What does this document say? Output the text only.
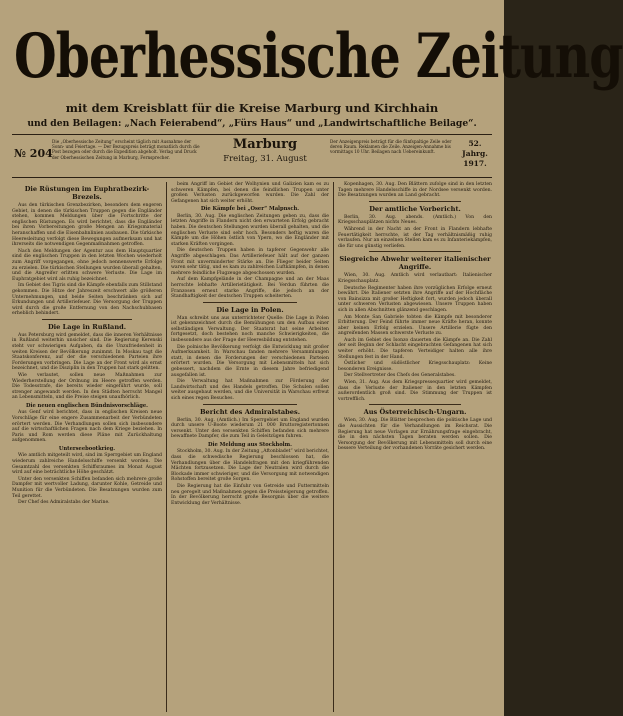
Oberhessische Zeitung
mit dem Kreisblatt für die Kreise Marburg und Kirchhain
und den Beilagen: „Nach Feierabend“, „Fürs Haus“ und „Landwirtschaftliche Beilage“.
№ 204
Die „Oberhessische Zeitung“ erscheint täglich mit Ausnahme der Sonn- und Feiertage. — Der Bezugspreis beträgt monatlich durch die Post bezogen oder durch die Expedition abgeholt. Verlag und Druck der Oberhessischen Zeitung in Marburg, Fernsprecher.
Marburg
Freitag, 31. August
Der Anzeigenpreis beträgt für die fünfspaltige Zeile oder deren Raum. Reklamen die Zeile. Anzeigen-Annahme bis vormittags 10 Uhr. Beilagen nach Uebereinkunft.
52. Jahrg.
1917.
Die Rüstungen im Euphratbezirk-Brezels.

Aus den türkischen Grenzbezirken, besonders dem engeren Gebiet, in denen die türkischen Truppen gegen die Engländer stehen, kommen Meldungen über die Fortschritte der englischen Rüstungen. Es wird berichtet, dass die Engländer bei ihren Vorbereitungen große Mengen an Kriegsmaterial heranschaffen und die Eisenbahnlinien ausbauen. Die türkische Heeresleitung verfolgt diese Bewegungen aufmerksam und hat ihrerseits die notwendigen Gegenmaßnahmen getroffen.

Nach den Meldungen der Agentur aus dem Hauptquartier sind die englischen Truppen in den letzten Wochen wiederholt zum Angriff vorgegangen, ohne jedoch nennenswerte Erfolge zu erzielen. Die türkischen Stellungen wurden überall gehalten, und die Angreifer erlitten schwere Verluste. Die Lage im Euphratgebiet wird als ruhig bezeichnet.

Im Gebiet des Tigris sind die Kämpfe ebenfalls zum Stillstand gekommen. Die Hitze der Jahreszeit erschwert alle größeren Unternehmungen, und beide Seiten beschränken sich auf Erkundungen und Artilleriefeuer. Die Versorgung der Truppen wird durch die große Entfernung von den Nachschubbasen erheblich behindert.

Die Lage in Rußland.

Aus Petersburg wird gemeldet, dass die inneren Verhältnisse in Rußland weiterhin unsicher sind. Die Regierung Kerenski steht vor schwierigen Aufgaben, da die Unzufriedenheit in weiten Kreisen der Bevölkerung zunimmt. In Moskau tagt die Staatskonferenz, auf der die verschiedenen Parteien ihre Forderungen vorbringen. Die Lage an der Front wird als ernst bezeichnet, und die Disziplin in den Truppen hat stark gelitten.

Wie verlautet, sollen neue Maßnahmen zur Wiederherstellung der Ordnung im Heere getroffen werden. Die Todesstrafe, die bereits wieder eingeführt wurde, soll strenger angewandt werden. In den Städten herrscht Mangel an Lebensmitteln, und die Preise steigen unaufhörlich.

Die neuen englischen Bündnisvorschläge.

Aus Genf wird berichtet, dass in englischen Kreisen neue Vorschläge für eine engere Zusammenarbeit der Verbündeten erörtert werden. Die Verhandlungen sollen sich insbesondere auf die wirtschaftlichen Fragen nach dem Kriege beziehen. In Paris und Rom werden diese Pläne mit Zurückhaltung aufgenommen.

Unterseebootkrieg.

Wie amtlich mitgeteilt wird, sind im Sperrgebiet um England wiederum zahlreiche Handelsschiffe versenkt worden. Die Gesamtzahl des versenkten Schiffsraumes im Monat August wird auf eine beträchtliche Höhe geschätzt.

Unter den versenkten Schiffen befanden sich mehrere große Dampfer mit wertvoller Ladung, darunter Kohle, Getreide und Munition für die Verbündeten. Die Besatzungen wurden zum Teil gerettet.

Der Chef des Admiralstabs der Marine.

beim Angriff im Gebiet der Wolhynien und Galizien kam es zu schweren Kämpfen, bei denen die feindlichen Truppen unter großen Verlusten zurückgeworfen wurden. Die Zahl der Gefangenen hat sich weiter erhöht.

Die Kämpfe bei „Oser“ Malpnsch.

Berlin, 30. Aug. Die englischen Zeitungen geben zu, dass die letzten Angriffe in Flandern nicht den erwarteten Erfolg gebracht haben. Die deutschen Stellungen wurden überall gehalten, und die englischen Verluste sind sehr hoch. Besonders heftig waren die Kämpfe um die Höhen östlich von Ypern, wo die Engländer mit starken Kräften vorgingen.

Die deutschen Truppen haben in tapferer Gegenwehr alle Angriffe abgeschlagen. Das Artilleriefeuer hält auf der ganzen Front mit unverminderter Stärke an. Die Flieger beider Seiten waren sehr tätig, und es kam zu zahlreichen Luftkämpfen, in denen mehrere feindliche Flugzeuge abgeschossen wurden.

Auf dem Kampfgelände in der Champagne und an der Maas herrschte lebhafte Artillerietätigkeit. Bei Verdun führten die Franzosen erneut starke Angriffe, die jedoch an der Standhaftigkeit der deutschen Truppen scheiterten.

Die Lage in Polen.

Man schreibt uns aus unterrichteter Quelle: Die Lage in Polen ist gekennzeichnet durch die Bemühungen um den Aufbau einer selbständigen Verwaltung. Der Staatsrat hat seine Arbeiten fortgesetzt, doch bestehen noch manche Schwierigkeiten, die insbesondere aus der Frage der Heeresbildung entstehen.

Die polnische Bevölkerung verfolgt die Entwicklung mit großer Aufmerksamkeit. In Warschau fanden mehrere Versammlungen statt, in denen die Forderungen der verschiedenen Parteien erörtert wurden. Die Versorgung mit Lebensmitteln hat sich gebessert, nachdem die Ernte in diesem Jahre befriedigend ausgefallen ist.

Die Verwaltung hat Maßnahmen zur Förderung der Landwirtschaft und des Handels getroffen. Die Schulen sollen weiter ausgebaut werden, und die Universität in Warschau erfreut sich eines regen Besuches.

Bericht des Admiralstabes.

Berlin, 30. Aug. (Amtlich.) Im Sperrgebiet um England wurden durch unsere U-Boote wiederum 21 000 Bruttoregistertonnen versenkt. Unter den versenkten Schiffen befanden sich mehrere bewaffnete Dampfer, die zum Teil in Geleitzügen fuhren.

Die Meldung aus Stockholm.

Stockholm, 30. Aug. In der Zeitung „Aftonbladet“ wird berichtet, dass die schwedische Regierung beschlossen hat, die Verhandlungen über die Handelsfragen mit den kriegführenden Mächten fortzusetzen. Die Lage der Neutralen wird durch die Blockade immer schwieriger, und die Versorgung mit notwendigen Rohstoffen bereitet große Sorgen.

Die Regierung hat die Einfuhr von Getreide und Futtermitteln neu geregelt und Maßnahmen gegen die Preissteigerung getroffen. In der Bevölkerung herrscht große Besorgnis über die weitere Entwicklung der Verhältnisse.

Kopenhagen, 30. Aug. Den Blättern zufolge sind in den letzten Tagen mehrere Handelsschiffe in der Nordsee versenkt worden. Die Besatzungen wurden an Land gebracht.

Der amtliche Vorbericht.

Berlin, 30. Aug. abends. (Amtlich.) Von den Kriegsschauplätzen nichts Neues.

Während in der Nacht an der Front in Flandern lebhafte Feuertätigkeit herrschte, ist der Tag verhältnismäßig ruhig verlaufen. Nur an einzelnen Stellen kam es zu Infanteriekämpfen, die für uns günstig verliefen.

Siegreiche Abwehr weiterer italienischer Angriffe.

Wien, 30. Aug. Amtlich wird verlautbart: Italienischer Kriegsschauplatz.

Deutsche Regimenter haben ihre vorzüglichen Erfolge erneut bewährt. Die Italiener setzten ihre Angriffe auf der Hochfläche von Bainsizza mit großer Heftigkeit fort, wurden jedoch überall unter schweren Verlusten abgewiesen. Unsere Truppen haben sich in allen Abschnitten glänzend geschlagen.

Am Monte San Gabriele tobten die Kämpfe mit besonderer Erbitterung. Der Feind führte immer neue Kräfte heran, konnte aber keinen Erfolg erzielen. Unsere Artillerie fügte den angreifenden Massen schwerste Verluste zu.

Auch im Gebiet des Isonzo dauerten die Kämpfe an. Die Zahl der seit Beginn der Schlacht eingebrachten Gefangenen hat sich weiter erhöht. Die tapferen Verteidiger halten alle ihre Stellungen fest in der Hand.

Östlicher und südöstlicher Kriegsschauplatz: Keine besonderen Ereignisse.

Der Stellvertreter des Chefs des Generalstabes.

Wien, 31. Aug. Aus dem Kriegspressequartier wird gemeldet, dass die Verluste der Italiener in den letzten Kämpfen außerordentlich groß sind. Die Stimmung der Truppen ist vortrefflich.

Aus Österreichisch-Ungarn.

Wien, 30. Aug. Die Blätter besprechen die politische Lage und die Aussichten für die Verhandlungen im Reichsrat. Die Regierung hat neue Vorlagen zur Ernährungsfrage eingebracht, die in den nächsten Tagen beraten werden sollen. Die Versorgung der Bevölkerung mit Lebensmitteln soll durch eine bessere Verteilung der vorhandenen Vorräte gesichert werden.
